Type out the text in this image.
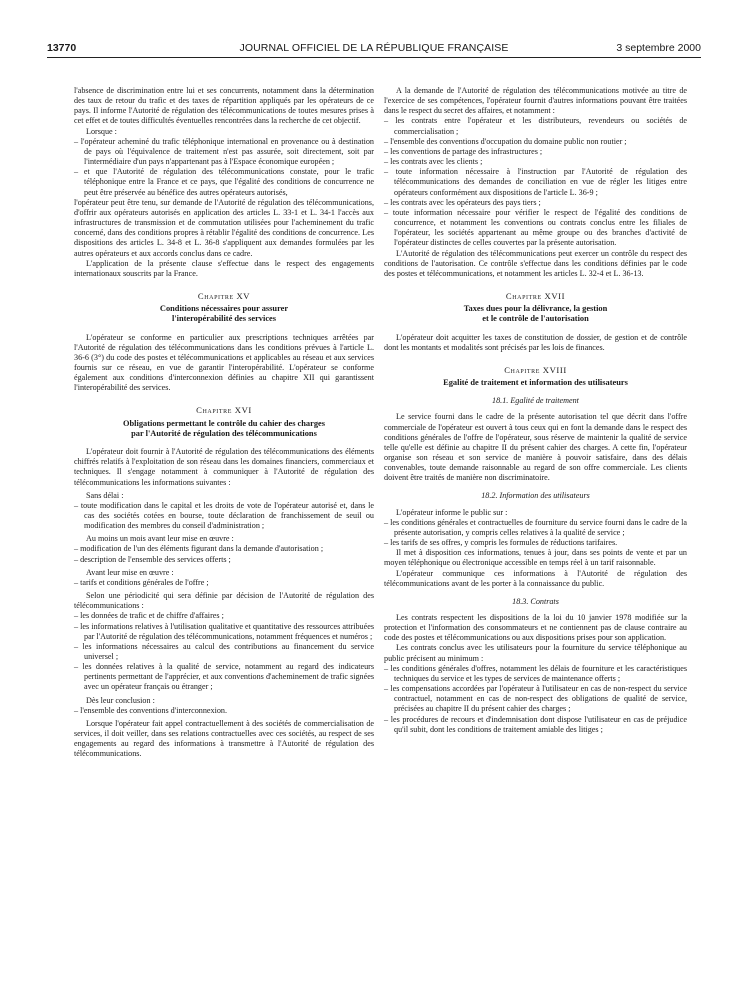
13770	JOURNAL OFFICIEL DE LA RÉPUBLIQUE FRANÇAISE	3 septembre 2000

l'absence de discrimination entre lui et ses concurrents, notamment dans la détermination des taux de retour du trafic et des taxes de répartition appliqués par les opérateurs de ce pays. Il informe l'Autorité de régulation des télécommunications de toutes mesures prises à cet effet et de toutes difficultés éventuelles rencontrées dans la recherche de cet objectif.

Lorsque :

– l'opérateur acheminé du trafic téléphonique international en provenance ou à destination de pays où l'équivalence de traitement n'est pas assurée, soit directement, soit par l'intermédiaire d'un pays n'appartenant pas à l'Espace économique européen ;

– et que l'Autorité de régulation des télécommunications constate, pour le trafic téléphonique entre la France et ce pays, que l'égalité des conditions de concurrence ne peut être préservée au bénéfice des autres opérateurs autorisés,

l'opérateur peut être tenu, sur demande de l'Autorité de régulation des télécommunications, d'offrir aux opérateurs autorisés en application des articles L. 33-1 et L. 34-1 l'accès aux infrastructures de transmission et de commutation utilisées pour l'acheminement du trafic concerné, dans des conditions propres à rétablir l'égalité des conditions de concurrence. Les dispositions des articles L. 34-8 et L. 36-8 s'appliquent aux demandes formulées par les autres opérateurs et aux accords conclus dans ce cadre.

L'application de la présente clause s'effectue dans le respect des engagements internationaux souscrits par la France.

Chapitre XV
Conditions nécessaires pour assurer
l'interopérabilité des services

L'opérateur se conforme en particulier aux prescriptions techniques arrêtées par l'Autorité de régulation des télécommunications dans les conditions prévues à l'article L. 36-6 (3°) du code des postes et télécommunications et applicables au réseau et aux services fournis sur ce réseau, en vue de garantir l'interopérabilité. L'opérateur se conforme également aux conditions d'interconnexion définies au chapitre XII qui garantissent l'interopérabilité des services.

Chapitre XVI
Obligations permettant le contrôle du cahier des charges
par l'Autorité de régulation des télécommunications

L'opérateur doit fournir à l'Autorité de régulation des télécommunications des éléments chiffrés relatifs à l'exploitation de son réseau dans les domaines financiers, commerciaux et techniques. Il s'engage notamment à communiquer à l'Autorité de régulation des télécommunications les informations suivantes :

Sans délai :

– toute modification dans le capital et les droits de vote de l'opérateur autorisé et, dans le cas des sociétés cotées en bourse, toute déclaration de franchissement de seuil ou modification des membres du conseil d'administration ;

Au moins un mois avant leur mise en œuvre :

– modification de l'un des éléments figurant dans la demande d'autorisation ;

– description de l'ensemble des services offerts ;

Avant leur mise en œuvre :

– tarifs et conditions générales de l'offre ;

Selon une périodicité qui sera définie par décision de l'Autorité de régulation des télécommunications :

– les données de trafic et de chiffre d'affaires ;

– les informations relatives à l'utilisation qualitative et quantitative des ressources attribuées par l'Autorité de régulation des télécommunications, notamment fréquences et numéros ;

– les informations nécessaires au calcul des contributions au financement du service universel ;

– les données relatives à la qualité de service, notamment au regard des indicateurs pertinents permettant de l'apprécier, et aux conventions d'acheminement de trafic signées avec un opérateur français ou étranger ;

Dès leur conclusion :

– l'ensemble des conventions d'interconnexion.

Lorsque l'opérateur fait appel contractuellement à des sociétés de commercialisation de services, il doit veiller, dans ses relations contractuelles avec ces sociétés, au respect de ses engagements au regard des informations à transmettre à l'Autorité de régulation des télécommunications.

A la demande de l'Autorité de régulation des télécommunications motivée au titre de l'exercice de ses compétences, l'opérateur fournit d'autres informations pouvant être traitées dans le respect du secret des affaires, et notamment :

– les contrats entre l'opérateur et les distributeurs, revendeurs ou sociétés de commercialisation ;

– l'ensemble des conventions d'occupation du domaine public non routier ;

– les conventions de partage des infrastructures ;

– les contrats avec les clients ;

– toute information nécessaire à l'instruction par l'Autorité de régulation des télécommunications des demandes de conciliation en vue de régler les litiges entre opérateurs conformément aux dispositions de l'article L. 36-9 ;

– les contrats avec les opérateurs des pays tiers ;

– toute information nécessaire pour vérifier le respect de l'égalité des conditions de concurrence, et notamment les conventions ou contrats conclus entre les filiales de l'opérateur, les sociétés appartenant au même groupe ou des branches d'activité de l'opérateur distinctes de celles couvertes par la présente autorisation.

L'Autorité de régulation des télécommunications peut exercer un contrôle du respect des conditions de l'autorisation. Ce contrôle s'effectue dans les conditions définies par le code des postes et télécommunications, et notamment les articles L. 32-4 et L. 36-13.

Chapitre XVII
Taxes dues pour la délivrance, la gestion
et le contrôle de l'autorisation

L'opérateur doit acquitter les taxes de constitution de dossier, de gestion et de contrôle dont les montants et modalités sont précisés par les lois de finances.

Chapitre XVIII
Egalité de traitement et information des utilisateurs
18.1. Egalité de traitement

Le service fourni dans le cadre de la présente autorisation tel que décrit dans l'offre commerciale de l'opérateur est ouvert à tous ceux qui en font la demande dans le respect des conditions générales de l'offre de l'opérateur, sous réserve de maintenir la qualité de service telle qu'elle est définie au chapitre II du présent cahier des charges. A cette fin, l'opérateur organise son réseau et son service de manière à pouvoir satisfaire, dans des délais convenables, toute demande raisonnable au regard de son offre commerciale. Les clients doivent être traités de manière non discriminatoire.

18.2. Information des utilisateurs

L'opérateur informe le public sur :

– les conditions générales et contractuelles de fourniture du service fourni dans le cadre de la présente autorisation, y compris celles relatives à la qualité de service ;

– les tarifs de ses offres, y compris les formules de réductions tarifaires.

Il met à disposition ces informations, tenues à jour, dans ses points de vente et par un moyen téléphonique ou électronique accessible en temps réel à un tarif raisonnable.

L'opérateur communique ces informations à l'Autorité de régulation des télécommunications avant de les porter à la connaissance du public.

18.3. Contrats

Les contrats respectent les dispositions de la loi du 10 janvier 1978 modifiée sur la protection et l'information des consommateurs et ne contiennent pas de clause contraire au code des postes et télécommunications ou aux dispositions prises pour son application.

Les contrats conclus avec les utilisateurs pour la fourniture du service téléphonique au public précisent au minimum :

– les conditions générales d'offres, notamment les délais de fourniture et les caractéristiques techniques du service et les types de services de maintenance offerts ;

– les compensations accordées par l'opérateur à l'utilisateur en cas de non-respect du service contractuel, notamment en cas de non-respect des obligations de qualité de service, précisées au chapitre II du présent cahier des charges ;

– les procédures de recours et d'indemnisation dont dispose l'utilisateur en cas de préjudice qu'il subit, dont les conditions de traitement amiable des litiges ;
